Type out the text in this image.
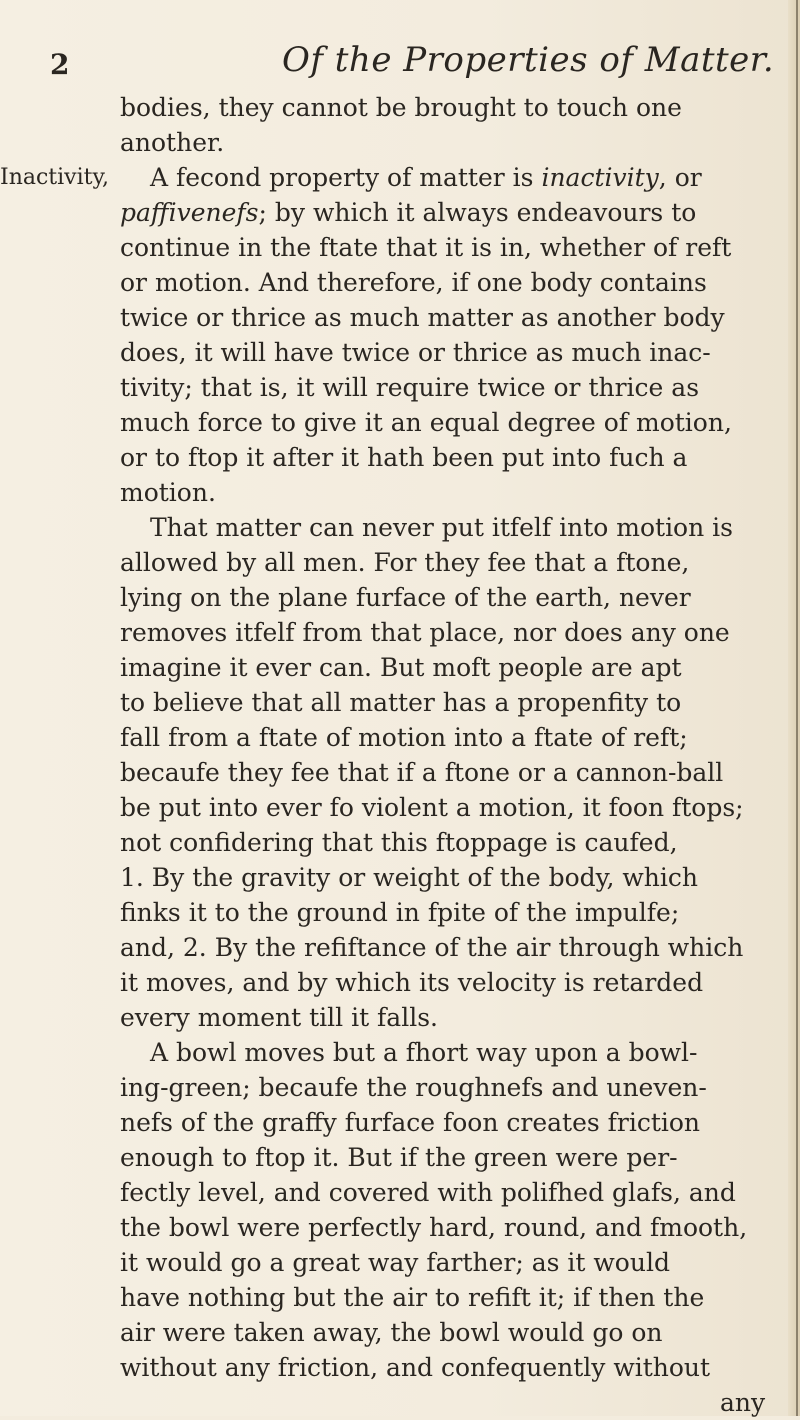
2	Of the Properties of Matter.
bodies, they cannot be brought to touch one
another.
Inactivity, A fecond property of matter is inactivity, or
paffivenefs; by which it always endeavours to
continue in the ftate that it is in, whether of reft
or motion. And therefore, if one body contains
twice or thrice as much matter as another body
does, it will have twice or thrice as much inac-
tivity; that is, it will require twice or thrice as
much force to give it an equal degree of motion,
or to ftop it after it hath been put into fuch a
motion.
That matter can never put itfelf into motion is
allowed by all men. For they fee that a ftone,
lying on the plane furface of the earth, never
removes itfelf from that place, nor does any one
imagine it ever can. But moft people are apt
to believe that all matter has a propenfity to
fall from a ftate of motion into a ftate of reft;
becaufe they fee that if a ftone or a cannon-ball
be put into ever fo violent a motion, it foon ftops;
not confidering that this ftoppage is caufed,
1. By the gravity or weight of the body, which
finks it to the ground in fpite of the impulfe;
and, 2. By the refiftance of the air through which
it moves, and by which its velocity is retarded
every moment till it falls.
A bowl moves but a fhort way upon a bowl-
ing-green; becaufe the roughnefs and uneven-
nefs of the graffy furface foon creates friction
enough to ftop it. But if the green were per-
fectly level, and covered with polifhed glafs, and
the bowl were perfectly hard, round, and fmooth,
it would go a great way farther; as it would
have nothing but the air to refift it; if then the
air were taken away, the bowl would go on
without any friction, and confequently without
any
